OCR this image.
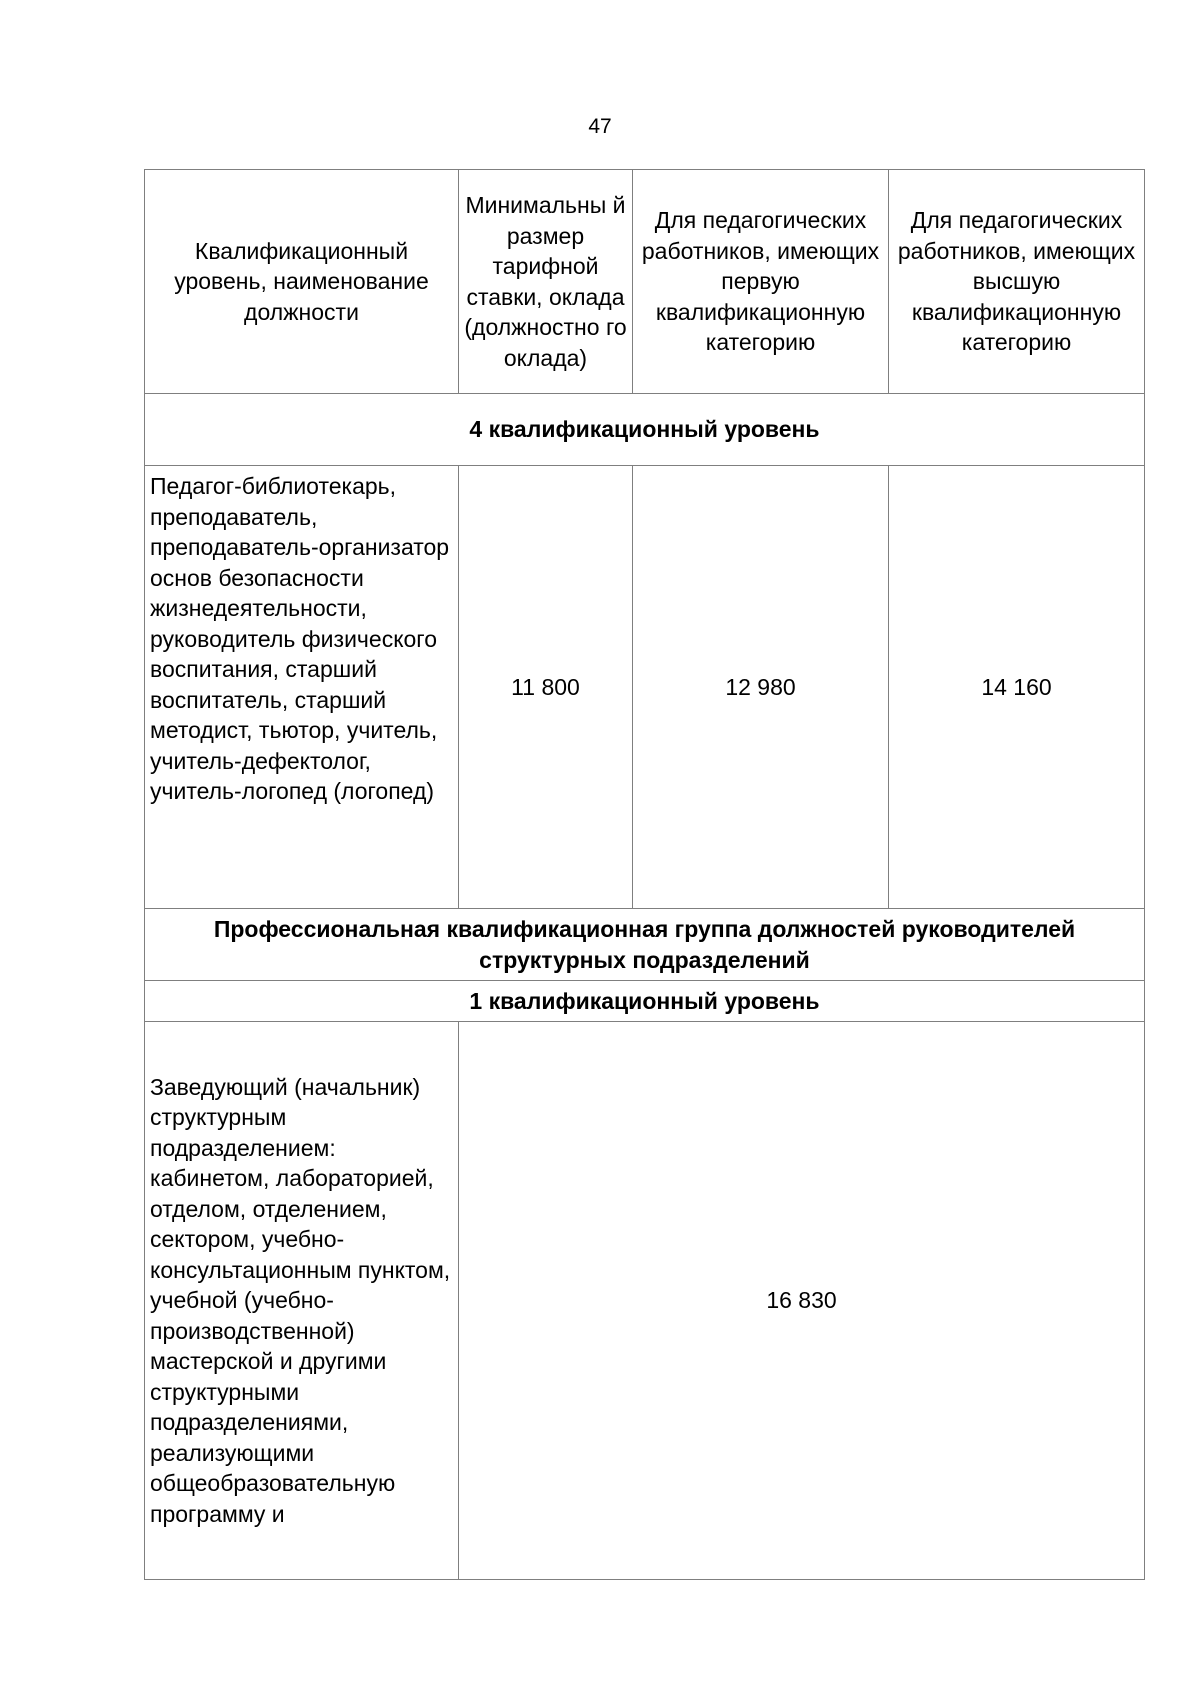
47
Квалификационный уровень, наименование должности	Минимальны й размер тарифной ставки, оклада (должностно го оклада)	Для педагогических работников, имеющих первую квалификационную категорию	Для педагогических работников, имеющих высшую квалификационную категорию
4 квалификационный уровень			
Педагог-библиотекарь, преподаватель, преподаватель-организатор основ безопасности жизнедеятельности, руководитель физического воспитания, старший воспитатель, старший методист, тьютор, учитель, учитель-дефектолог, учитель-логопед (логопед)	11 800	12 980	14 160
Профессиональная квалификационная группа должностей руководителей структурных подразделений			
1 квалификационный уровень			
Заведующий (начальник) структурным подразделением: кабинетом, лабораторией, отделом, отделением, сектором, учебно-консультационным пунктом, учебной (учебно-производственной) мастерской и другими структурными подразделениями, реализующими общеобразовательную программу и	16 830		
